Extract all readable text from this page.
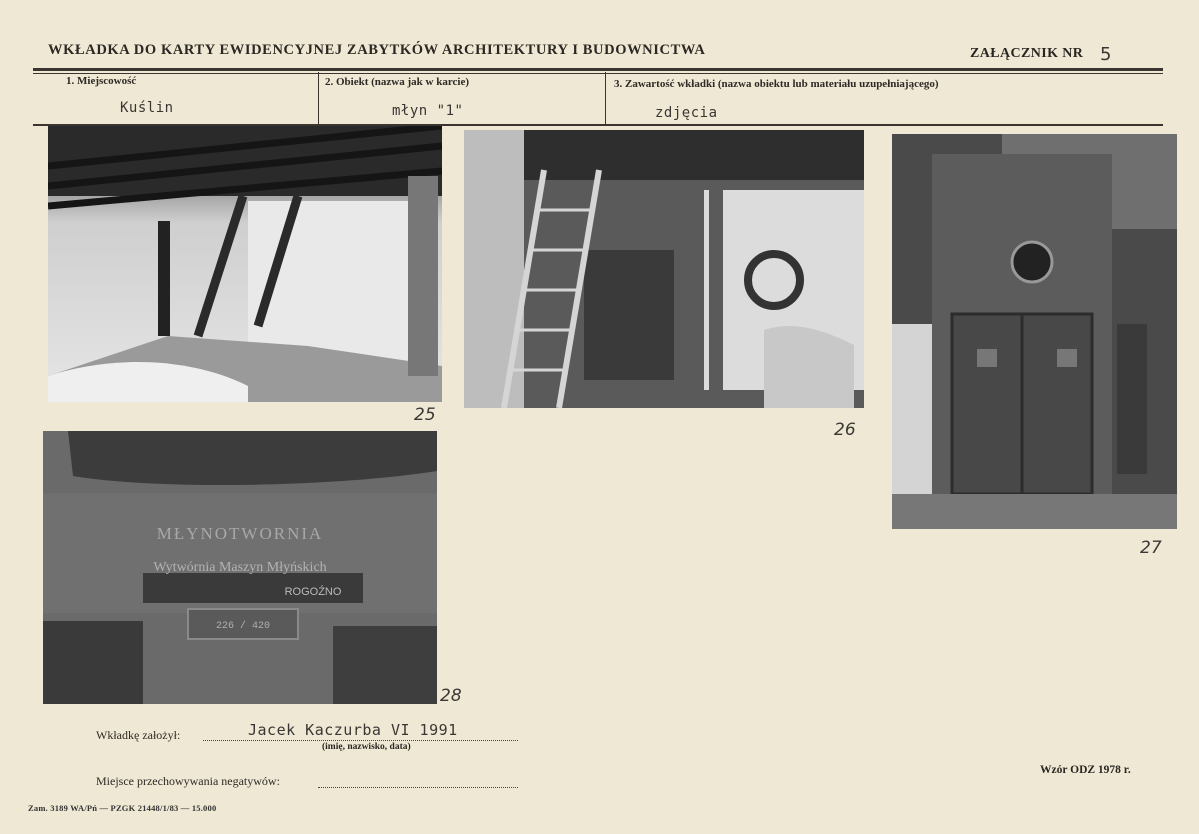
WKŁADKA DO KARTY EWIDENCYJNEJ ZABYTKÓW ARCHITEKTURY I BUDOWNICTWA	ZAŁĄCZNIK NR 5
1. Miejscowość
Kuślin
2. Obiekt (nazwa jak w karcie)
młyn "1"
3. Zawartość wkładki (nazwa obiektu lub materiału uzupełniającego)
zdjęcia
25
26
27
MŁYNOTWORNIA
Wytwórnia Maszyn Młyńskich
ROGOŹNO
226 / 420
28
Wkładkę założył:	Jacek Kaczurba VI 1991
(imię, nazwisko, data)
Miejsce przechowywania negatywów:
Wzór ODZ 1978 r.
Zam. 3189 WA/Pń — PZGK 21448/1/83 — 15.000
